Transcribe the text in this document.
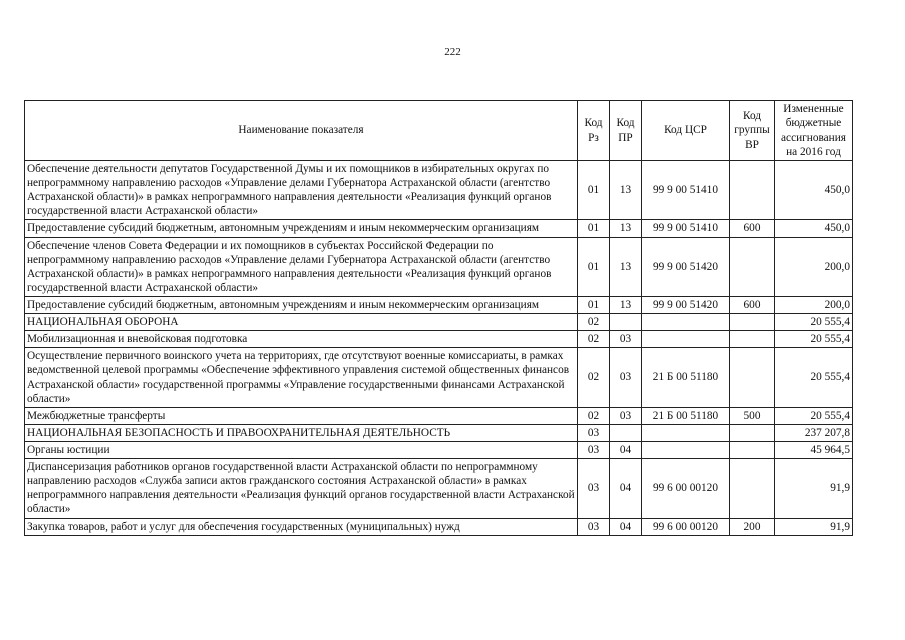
222
Наименование показателя	Код Рз	Код ПР	Код ЦСР	Код группы ВР	Измененные бюджетные ассигнования на 2016 год
Обеспечение деятельности депутатов Государственной Думы и их помощников в избирательных округах по непрограммному направлению расходов «Управление делами Губернатора Астраханской области (агентство Астраханской области)» в рамках непрограммного направления деятельности «Реализация функций органов государственной власти Астраханской области»	01	13	99 9 00 51410		450,0
Предоставление субсидий бюджетным, автономным учреждениям и иным некоммерческим организациям	01	13	99 9 00 51410	600	450,0
Обеспечение членов Совета Федерации и их помощников в субъектах Российской Федерации по непрограммному направлению расходов «Управление делами Губернатора Астраханской области (агентство Астраханской области)» в рамках непрограммного направления деятельности «Реализация функций органов государственной власти Астраханской области»	01	13	99 9 00 51420		200,0
Предоставление субсидий бюджетным, автономным учреждениям и иным некоммерческим организациям	01	13	99 9 00 51420	600	200,0
НАЦИОНАЛЬНАЯ ОБОРОНА	02				20 555,4
Мобилизационная и вневойсковая подготовка	02	03			20 555,4
Осуществление первичного воинского учета на территориях, где отсутствуют военные комиссариаты, в рамках ведомственной целевой программы «Обеспечение эффективного управления системой общественных финансов Астраханской области» государственной программы «Управление государственными финансами Астраханской области»	02	03	21 Б 00 51180		20 555,4
Межбюджетные трансферты	02	03	21 Б 00 51180	500	20 555,4
НАЦИОНАЛЬНАЯ БЕЗОПАСНОСТЬ И ПРАВООХРАНИТЕЛЬНАЯ ДЕЯТЕЛЬНОСТЬ	03				237 207,8
Органы юстиции	03	04			45 964,5
Диспансеризация работников органов государственной власти Астраханской области по непрограммному направлению расходов «Служба записи актов гражданского состояния Астраханской области» в рамках непрограммного направления деятельности «Реализация функций органов государственной власти Астраханской области»	03	04	99 6 00 00120		91,9
Закупка товаров, работ и услуг для обеспечения государственных (муниципальных) нужд	03	04	99 6 00 00120	200	91,9
